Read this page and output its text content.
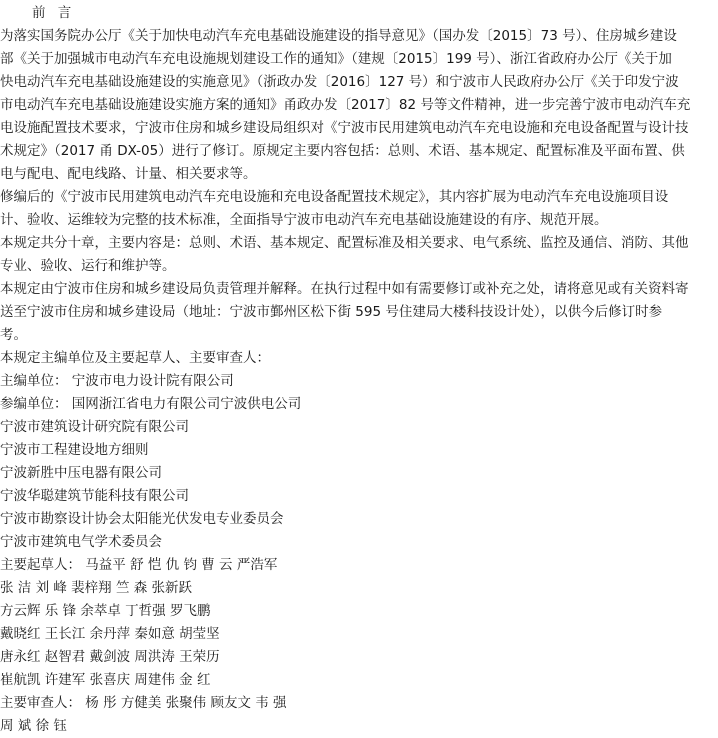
前 言
为落实国务院办公厅《关于加快电动汽车充电基础设施建设的指导意见》（国办发〔2015〕73 号）、住房城乡建设
部《关于加强城市电动汽车充电设施规划建设工作的通知》（建规〔2015〕199 号）、浙江省政府办公厅《关于加
快电动汽车充电基础设施建设的实施意见》（浙政办发〔2016〕127 号）和宁波市人民政府办公厅《关于印发宁波
市电动汽车充电基础设施建设实施方案的通知》甬政办发〔2017〕82 号等文件精神，进一步完善宁波市电动汽车充
电设施配置技术要求，宁波市住房和城乡建设局组织对《宁波市民用建筑电动汽车充电设施和充电设备配置与设计技
术规定》（2017 甬 DX-05）进行了修订。原规定主要内容包括：总则、术语、基本规定、配置标准及平面布置、供
电与配电、配电线路、计量、相关要求等。
修编后的《宁波市民用建筑电动汽车充电设施和充电设备配置技术规定》，其内容扩展为电动汽车充电设施项目设
计、验收、运维较为完整的技术标准，全面指导宁波市电动汽车充电基础设施建设的有序、规范开展。
本规定共分十章，主要内容是：总则、术语、基本规定、配置标准及相关要求、电气系统、监控及通信、消防、其他
专业、验收、运行和维护等。
本规定由宁波市住房和城乡建设局负责管理并解释。在执行过程中如有需要修订或补充之处，请将意见或有关资料寄
送至宁波市住房和城乡建设局（地址：宁波市鄞州区松下街 595 号住建局大楼科技设计处），以供今后修订时参
考。
本规定主编单位及主要起草人、主要审查人：
主编单位： 宁波市电力设计院有限公司
参编单位： 国网浙江省电力有限公司宁波供电公司
宁波市建筑设计研究院有限公司
宁波市工程建设地方细则
宁波新胜中压电器有限公司
宁波华聪建筑节能科技有限公司
宁波市勘察设计协会太阳能光伏发电专业委员会
宁波市建筑电气学术委员会
主要起草人： 马益平 舒 恺 仇 钧 曹 云 严浩军
张 洁 刘 峰 裴梓翔 竺 森 张新跃
方云辉 乐 锋 余萃卓 丁哲强 罗飞鹏
戴晓红 王长江 余丹萍 秦如意 胡莹坚
唐永红 赵智君 戴剑波 周洪涛 王荣历
崔航凯 许建军 张喜庆 周建伟 金 红
主要审查人： 杨 彤 方健美 张聚伟 顾友文 韦 强
周 斌 徐 钰
